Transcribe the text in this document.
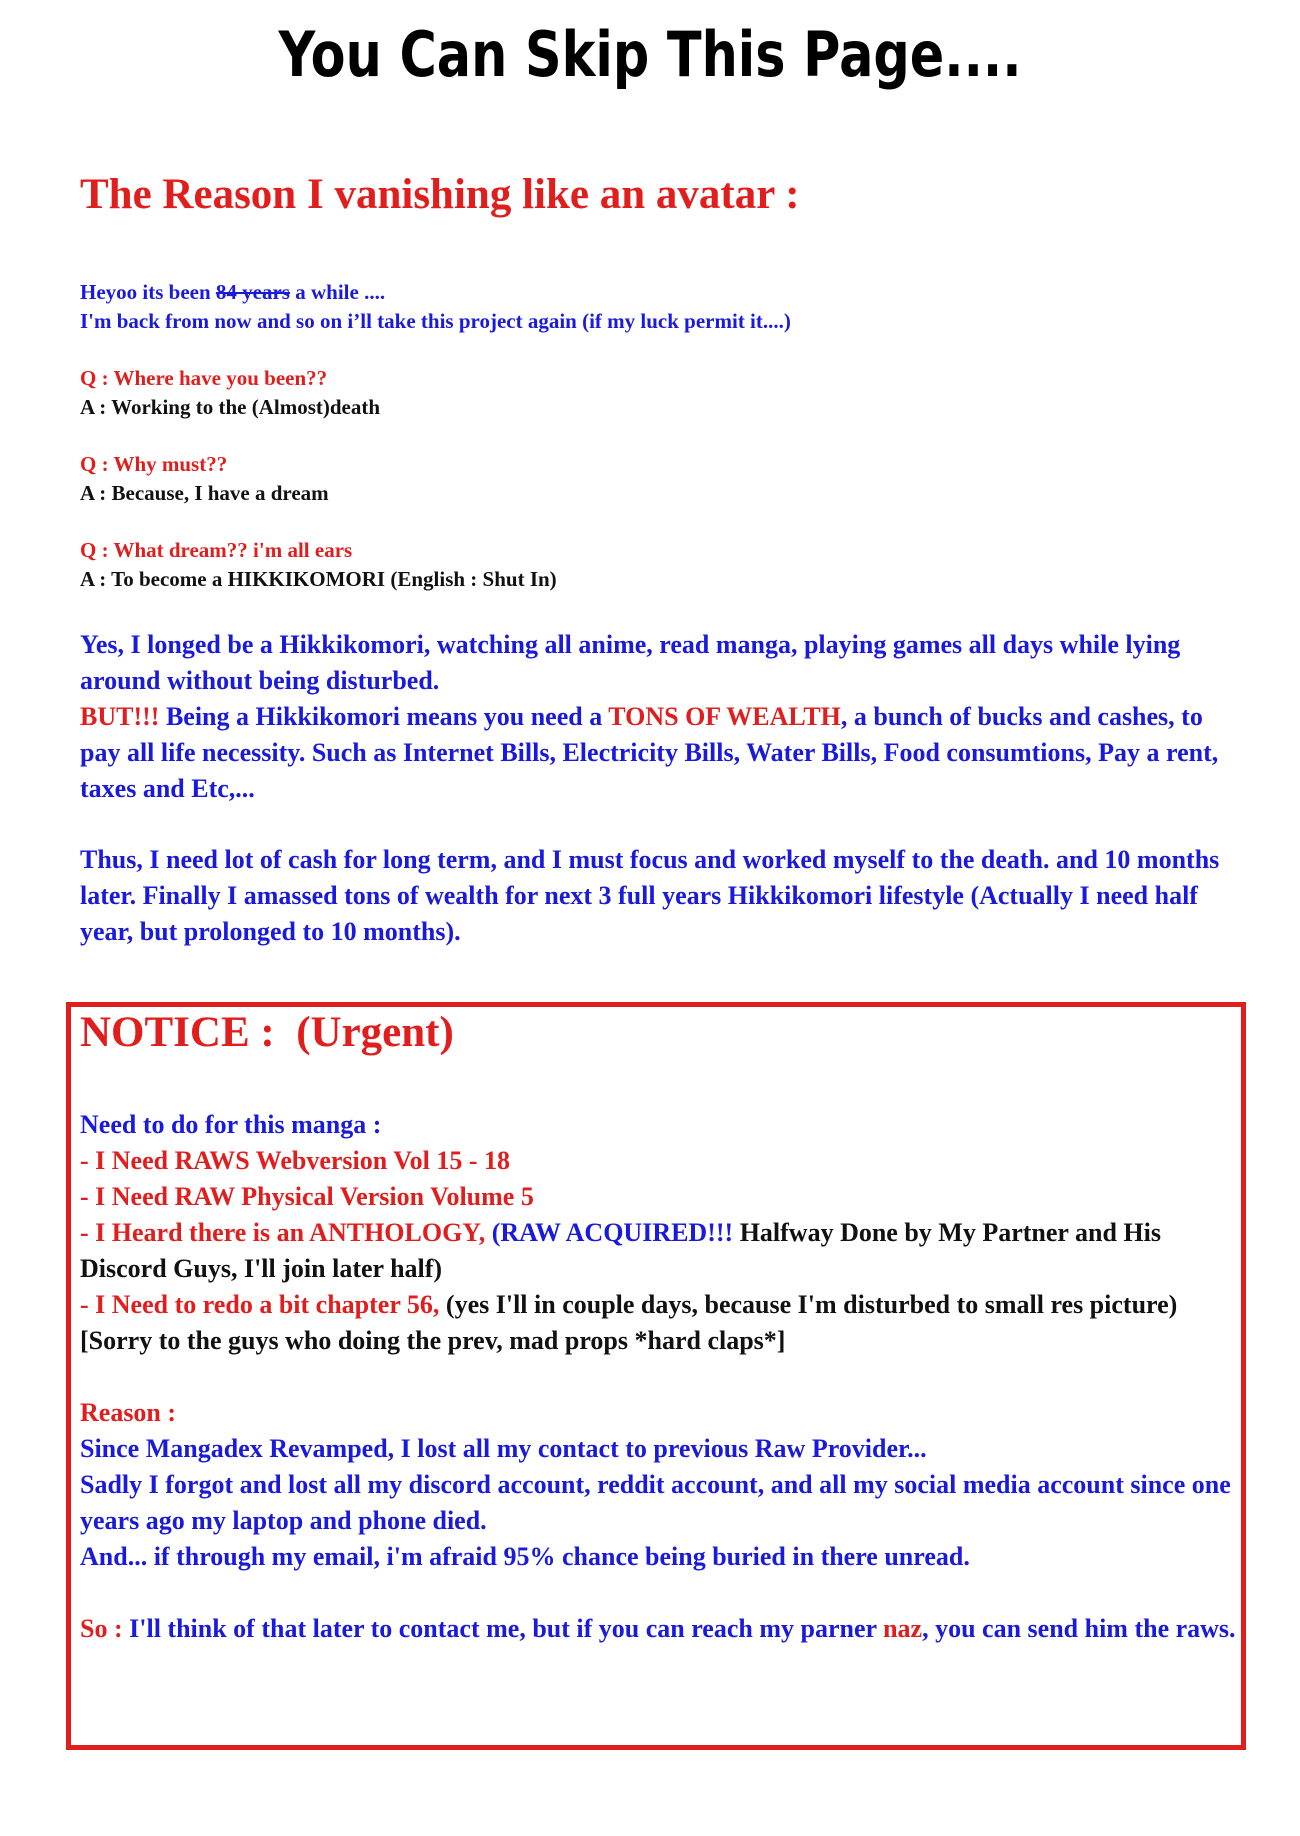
You Can Skip This Page....
The Reason I vanishing like an avatar :
Heyoo its been 84 years a while ....
I'm back from now and so on i’ll take this project again (if my luck permit it....)
Q : Where have you been??
A : Working to the (Almost)death
Q : Why must??
A : Because, I have a dream
Q : What dream?? i'm all ears
A : To become a HIKKIKOMORI (English : Shut In)
Yes, I longed be a Hikkikomori, watching all anime, read manga, playing games all days while lying around without being disturbed.
BUT!!! Being a Hikkikomori means you need a TONS OF WEALTH, a bunch of bucks and cashes, to pay all life necessity. Such as Internet Bills, Electricity Bills, Water Bills, Food consumtions, Pay a rent, taxes and Etc,...
Thus, I need lot of cash for long term, and I must focus and worked myself to the death. and 10 months later. Finally I amassed tons of wealth for next 3 full years Hikkikomori lifestyle (Actually I need half year, but prolonged to 10 months).
NOTICE :  (Urgent)
Need to do for this manga :
- I Need RAWS Webversion Vol 15 - 18
- I Need RAW Physical Version Volume 5
- I Heard there is an ANTHOLOGY, (RAW ACQUIRED!!! Halfway Done by My Partner and His Discord Guys, I'll join later half)
- I Need to redo a bit chapter 56, (yes I'll in couple days, because I'm disturbed to small res picture)[Sorry to the guys who doing the prev, mad props *hard claps*]
Reason :
Since Mangadex Revamped, I lost all my contact to previous Raw Provider...
Sadly I forgot and lost all my discord account, reddit account, and all my social media account since one years ago my laptop and phone died.
And... if through my email, i'm afraid 95% chance being buried in there unread.
So : I'll think of that later to contact me, but if you can reach my parner naz, you can send him the raws.
